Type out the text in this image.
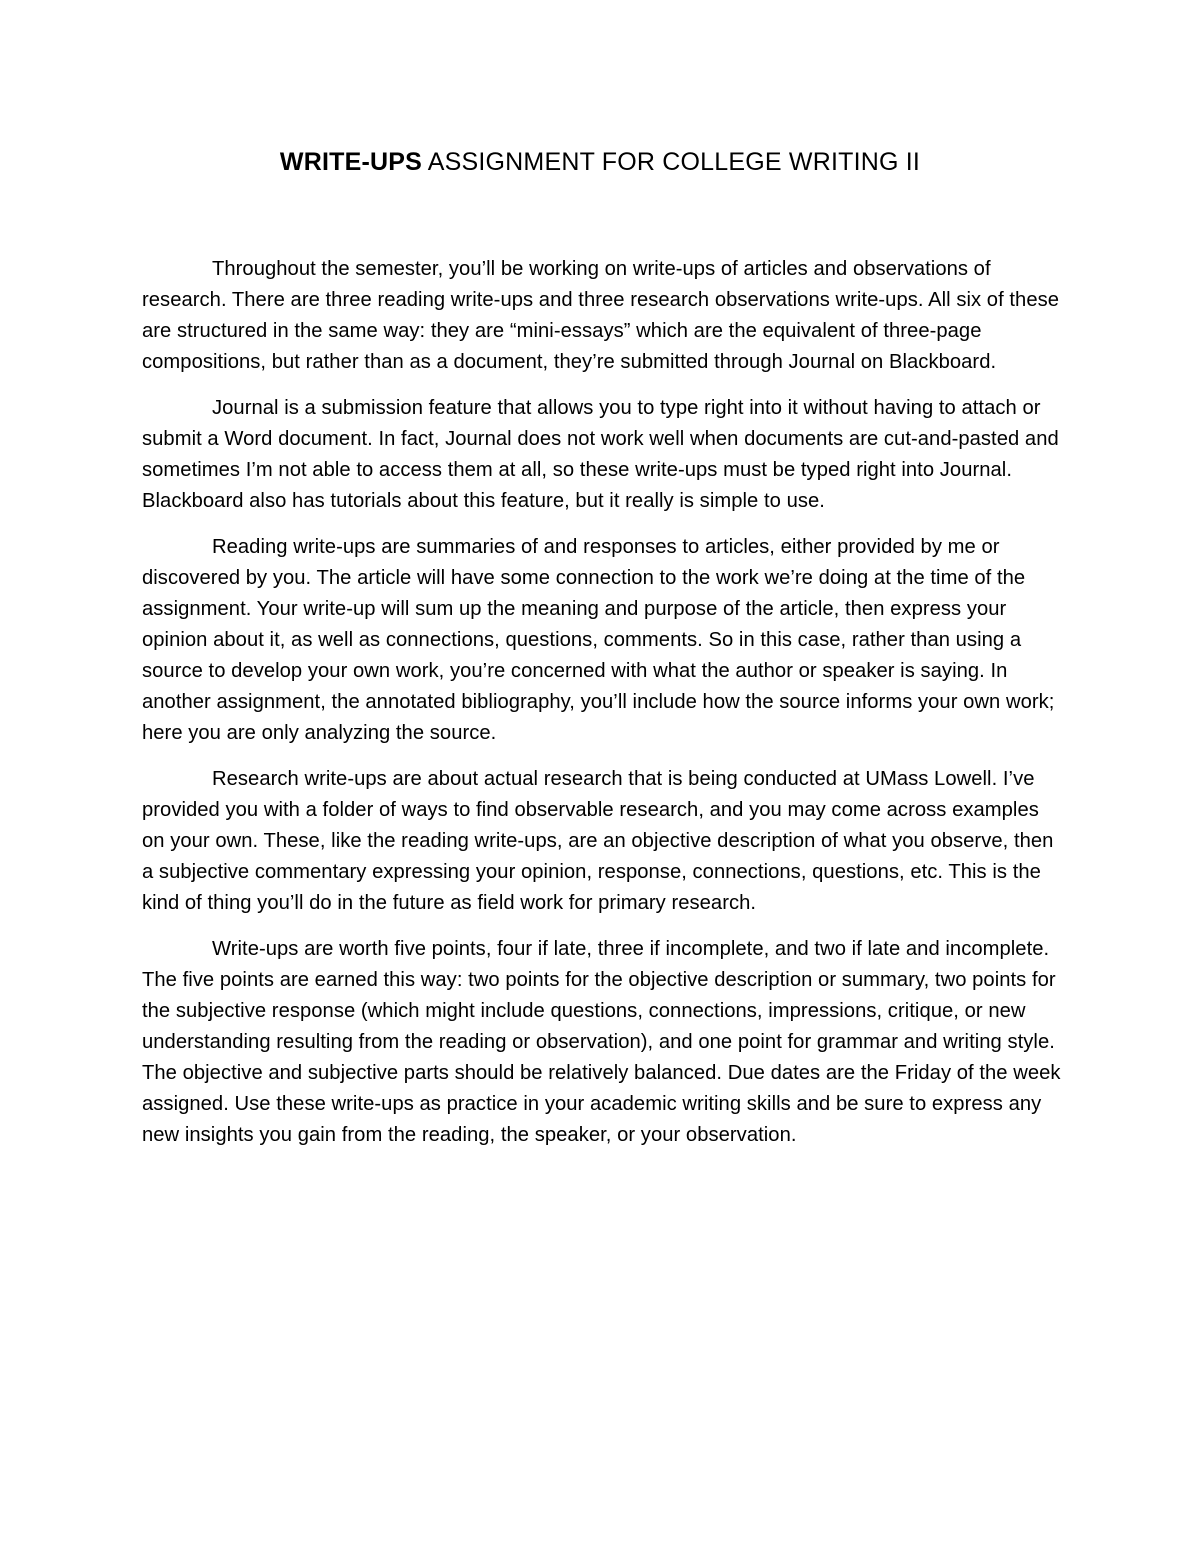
WRITE-UPS ASSIGNMENT FOR COLLEGE WRITING II

Throughout the semester, you’ll be working on write-ups of articles and observations of research. There are three reading write-ups and three research observations write-ups. All six of these are structured in the same way: they are “mini-essays” which are the equivalent of three-page compositions, but rather than as a document, they’re submitted through Journal on Blackboard.

Journal is a submission feature that allows you to type right into it without having to attach or submit a Word document. In fact, Journal does not work well when documents are cut-and-pasted and sometimes I’m not able to access them at all, so these write-ups must be typed right into Journal. Blackboard also has tutorials about this feature, but it really is simple to use.

Reading write-ups are summaries of and responses to articles, either provided by me or discovered by you. The article will have some connection to the work we’re doing at the time of the assignment. Your write-up will sum up the meaning and purpose of the article, then express your opinion about it, as well as connections, questions, comments. So in this case, rather than using a source to develop your own work, you’re concerned with what the author or speaker is saying. In another assignment, the annotated bibliography, you’ll include how the source informs your own work; here you are only analyzing the source.

Research write-ups are about actual research that is being conducted at UMass Lowell. I’ve provided you with a folder of ways to find observable research, and you may come across examples on your own. These, like the reading write-ups, are an objective description of what you observe, then a subjective commentary expressing your opinion, response, connections, questions, etc. This is the kind of thing you’ll do in the future as field work for primary research.

Write-ups are worth five points, four if late, three if incomplete, and two if late and incomplete. The five points are earned this way: two points for the objective description or summary, two points for the subjective response (which might include questions, connections, impressions, critique, or new understanding resulting from the reading or observation), and one point for grammar and writing style. The objective and subjective parts should be relatively balanced. Due dates are the Friday of the week assigned. Use these write-ups as practice in your academic writing skills and be sure to express any new insights you gain from the reading, the speaker, or your observation.
